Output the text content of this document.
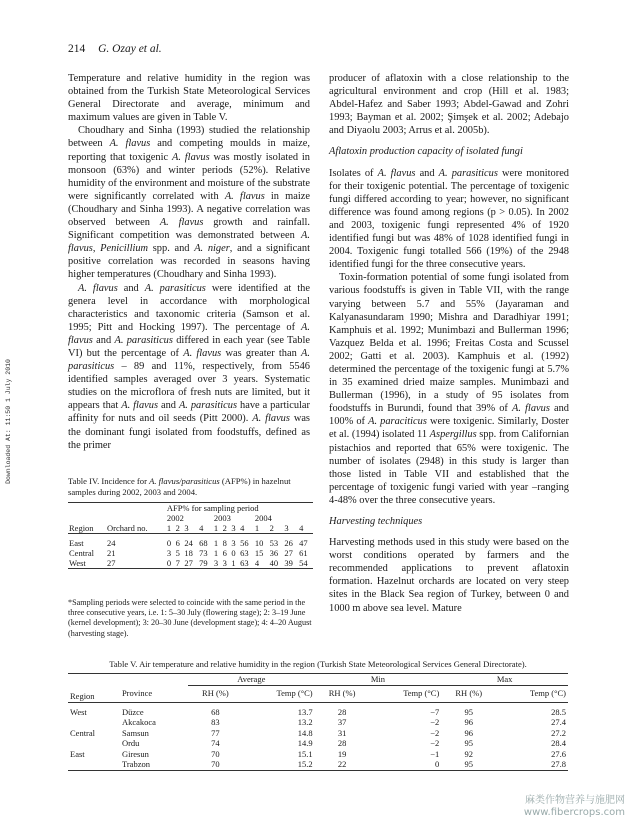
214 G. Ozay et al.
Downloaded At: 11:50 1 July 2010

Temperature and relative humidity in the region was obtained from the Turkish State Meteorological Services General Directorate and average, minimum and maximum values are given in Table V.

Choudhary and Sinha (1993) studied the relationship between A. flavus and competing moulds in maize, reporting that toxigenic A. flavus was mostly isolated in monsoon (63%) and winter periods (52%). Relative humidity of the environment and moisture of the substrate were significantly correlated with A. flavus in maize (Choudhary and Sinha 1993). A negative correlation was observed between A. flavus growth and rainfall. Significant competition was demonstrated between A. flavus, Penicillium spp. and A. niger, and a significant positive correlation was recorded in seasons having higher temperatures (Choudhary and Sinha 1993).

A. flavus and A. parasiticus were identified at the genera level in accordance with morphological characteristics and taxonomic criteria (Samson et al. 1995; Pitt and Hocking 1997). The percentage of A. flavus and A. parasiticus differed in each year (see Table VI) but the percentage of A. flavus was greater than A. parasiticus – 89 and 11%, respectively, from 5546 identified samples averaged over 3 years. Systematic studies on the microflora of fresh nuts are limited, but it appears that A. flavus and A. parasiticus have a particular affinity for nuts and oil seeds (Pitt 2000). A. flavus was the dominant fungi isolated from foodstuffs, defined as the primer

producer of aflatoxin with a close relationship to the agricultural environment and crop (Hill et al. 1983; Abdel-Hafez and Saber 1993; Abdel-Gawad and Zohri 1993; Bayman et al. 2002; Şimşek et al. 2002; Adebajo and Diyaolu 2003; Arrus et al. 2005b).

Aflatoxin production capacity of isolated fungi

Isolates of A. flavus and A. parasiticus were monitored for their toxigenic potential. The percentage of toxigenic fungi differed according to year; however, no significant difference was found among regions (p > 0.05). In 2002 and 2003, toxigenic fungi represented 4% of 1920 identified fungi but was 48% of 1028 identified fungi in 2004. Toxigenic fungi totalled 566 (19%) of the 2948 identified fungi for the three consecutive years.

Toxin-formation potential of some fungi isolated from various foodstuffs is given in Table VII, with the range varying between 5.7 and 55% (Jayaraman and Kalyanasundaram 1990; Mishra and Daradhiyar 1991; Kamphuis et al. 1992; Munimbazi and Bullerman 1996; Vazquez Belda et al. 1996; Freitas Costa and Scussel 2002; Gatti et al. 2003). Kamphuis et al. (1992) determined the percentage of the toxigenic fungi at 5.7% in 35 examined dried maize samples. Munimbazi and Bullerman (1996), in a study of 95 isolates from foodstuffs in Burundi, found that 39% of A. flavus and 100% of A. paraciticus were toxigenic. Similarly, Doster et al. (1994) isolated 11 Aspergillus spp. from Californian pistachios and reported that 65% were toxigenic. The number of isolates (2948) in this study is larger than those listed in Table VII and established that the percentage of toxigenic fungi varied with year –ranging 4-48% over the three consecutive years.

Harvesting techniques

Harvesting methods used in this study were based on the worst conditions operated by farmers and the recommended applications to prevent aflatoxin formation. Hazelnut orchards are located on very steep sites in the Black Sea region of Turkey, between 0 and 1000 m above sea level. Mature

Table IV. Incidence for A. flavus/parasiticus (AFP%) in hazelnut samples during 2002, 2003 and 2004.
		AFP% for sampling period											
		2002				2003				2004			
Region	Orchard no.	1	2	3	4	1	2	3	4	1	2	3	4

East	24	0	6	24	68	1	8	3	56	10	53	26	47
Central	21	3	5	18	73	1	6	0	63	15	36	27	61
West	27	0	7	27	79	3	3	1	63	4	40	39	54

*Sampling periods were selected to coincide with the same period in the three consecutive years, i.e. 1: 5–30 July (flowering stage); 2: 3–19 June (kernel development); 3: 20–30 June (development stage); 4: 4–20 August (harvesting stage).
Table V. Air temperature and relative humidity in the region (Turkish State Meteorological Services General Directorate).
		Average		Min		Max	
Region	Province	RH (%)	Temp (°C)	RH (%)	Temp (°C)	RH (%)	Temp (°C)
West	Düzce	68	13.7	28	−7	95	28.5
	Akcakoca	83	13.2	37	−2	96	27.4
Central	Samsun	77	14.8	31	−2	96	27.2
	Ordu	74	14.9	28	−2	95	28.4
East	Giresun	70	15.1	19	−1	92	27.6
	Trabzon	70	15.2	22	0	95	27.8
麻类作物营养与施肥网
www.fibercrops.com
